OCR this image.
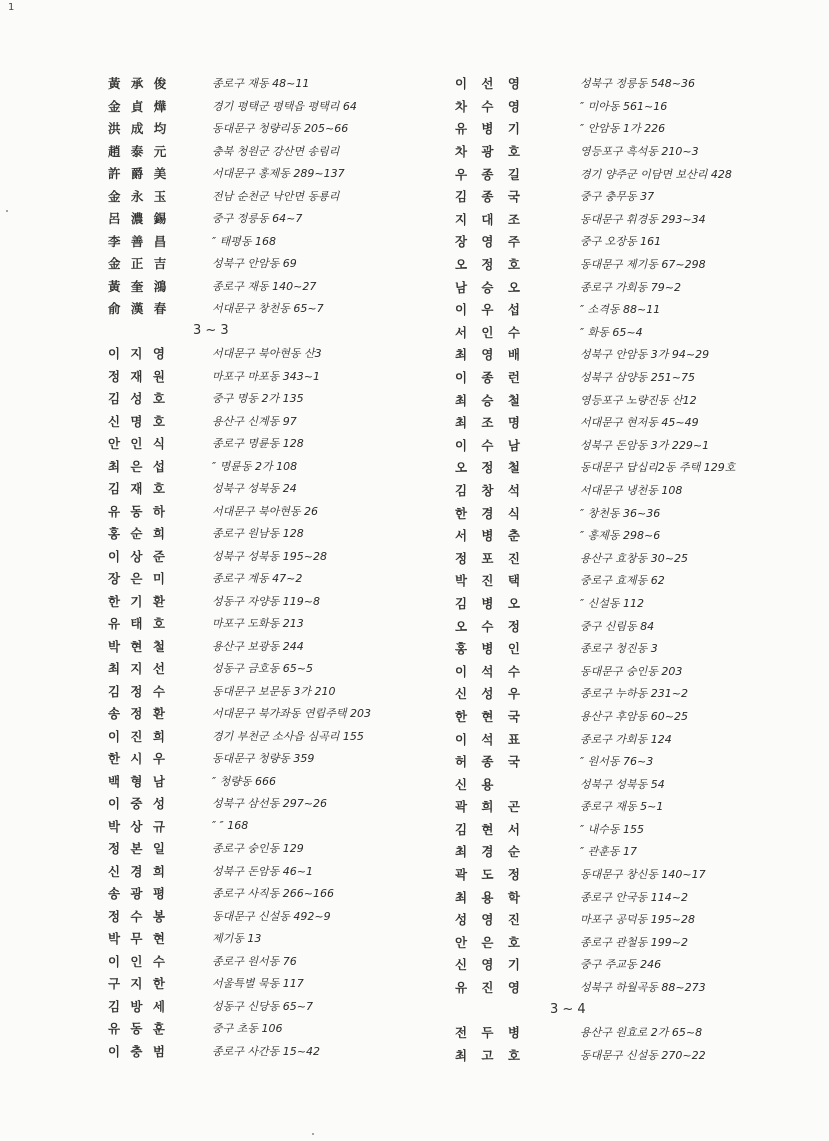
1
黃 承 俊	종로구 재동 48~11
金 貞 燁	경기 평택군 평택읍 평택리 64
洪 成 均	동대문구 청량리동 205~66
趙 泰 元	충북 청원군 강산면 송림리
許 爵 美	서대문구 홍제동 289~137
金 永 玉	전남 순천군 낙안면 동룡리
呂 濃 錫	중구 정릉동 64~7
李 善 昌	″ 태평동 168
金 正 吉	성북구 안암동 69
黃 奎 鴻	종로구 재동 140~27
俞 漢 春	서대문구 창천동 65~7
3 ~ 3
이 지 영	서대문구 북아현동 산3
정 재 원	마포구 마포동 343~1
김 성 호	중구 명동 2가 135
신 명 호	용산구 신계동 97
안 인 식	종로구 명륜동 128
최 은 섭	″ 명륜동 2가 108
김 재 호	성북구 성북동 24
유 동 하	서대문구 북아현동 26
홍 순 희	종로구 원남동 128
이 상 준	성북구 성북동 195~28
장 은 미	종로구 계동 47~2
한 기 환	성동구 자양동 119~8
유 태 호	마포구 도화동 213
박 현 철	용산구 보광동 244
최 지 선	성동구 금호동 65~5
김 정 수	동대문구 보문동 3가 210
송 정 환	서대문구 북가좌동 연립주택 203
이 진 희	경기 부천군 소사읍 심곡리 155
한 시 우	동대문구 청량동 359
백 형 남	″ 청량동 666
이 중 성	성북구 삼선동 297~26
박 상 규	″ ″ 168
정 본 일	종로구 숭인동 129
신 경 희	성북구 돈암동 46~1
송 광 평	종로구 사직동 266~166
정 수 봉	동대문구 신설동 492~9
박 무 현	제기동 13
이 인 수	종로구 원서동 76
구 지 한	서울특별 묵동 117
김 방 세	성동구 신당동 65~7
유 동 훈	중구 초동 106
이 충 범	종로구 사간동 15~42
이 선 영	성북구 정릉동 548~36
차 수 영	″ 미아동 561~16
유 병 기	″ 안암동 1가 226
차 광 호	영등포구 흑석동 210~3
우 종 길	경기 양주군 이담면 보산리 428
김 종 국	중구 충무동 37
지 대 조	동대문구 휘경동 293~34
장 영 주	중구 오장동 161
오 정 호	동대문구 제기동 67~298
남 승 오	종로구 가회동 79~2
이 우 섭	″ 소격동 88~11
서 인 수	″ 화동 65~4
최 영 배	성북구 안암동 3가 94~29
이 종 런	성북구 삼양동 251~75
최 승 철	영등포구 노량진동 산12
최 조 명	서대문구 현저동 45~49
이 수 남	성북구 돈암동 3가 229~1
오 정 철	동대문구 답십리2동 주택 129호
김 창 석	서대문구 냉천동 108
한 경 식	″ 창천동 36~36
서 병 춘	″ 홍제동 298~6
정 포 진	용산구 효창동 30~25
박 진 택	중로구 효제동 62
김 병 오	″ 신설동 112
오 수 정	중구 신림동 84
홍 병 인	종로구 청진동 3
이 석 수	동대문구 숭인동 203
신 성 우	종로구 누하동 231~2
한 현 국	용산구 후암동 60~25
이 석 표	종로구 가회동 124
허 종 국	″ 원서동 76~3
신 용	성북구 성북동 54
곽 희 곤	종로구 재동 5~1
김 현 서	″ 내수동 155
최 경 순	″ 관훈동 17
곽 도 정	동대문구 창신동 140~17
최 용 학	종로구 안국동 114~2
성 영 진	마포구 공덕동 195~28
안 은 호	종로구 관철동 199~2
신 영 기	중구 주교동 246
유 진 영	성북구 하월곡동 88~273
3 ~ 4
전 두 병	용산구 원효로 2가 65~8
최 고 호	동대문구 신설동 270~22
